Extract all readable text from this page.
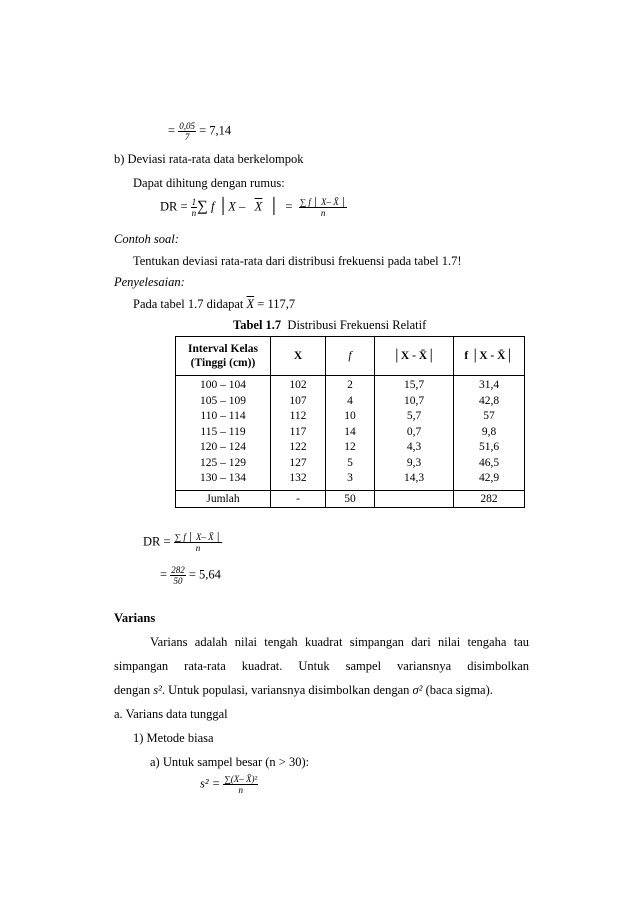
= $\frac{0,05}{7} = 7,14$
b) Deviasi rata-rata data berkelompok
Dapat dihitung dengan rumus:
DR = $\frac{1}{n}$ ∑ f │X – $\overline{X}$ │ = $\frac{\sum f │ X- X̄ │}{n}$
Contoh soal:
Tentukan deviasi rata-rata dari distribusi frekuensi pada tabel 1.7!
Penyelesaian:
Pada tabel 1.7 didapat $\overline{X} = 117,7$
Tabel 1.7 Distribusi Frekuensi Relatif
Interval Kelas (Tinggi (cm))	X	f	│X - X̄│	f │X - X̄│
100 – 104	102	2	15,7	31,4
105 – 109	107	4	10,7	42,8
110 – 114	112	10	5,7	57
115 – 119	117	14	0,7	9,8
120 – 124	122	12	4,3	51,6
125 – 129	127	5	9,3	46,5
130 – 134	132	3	14,3	42,9
Jumlah	-	50		282
DR = $\frac{\sum f │ X- X̄ │}{n}$
= $\frac{282}{50} = 5,64$
Varians
Varians adalah nilai tengah kuadrat simpangan dari nilai tengaha tau
simpangan rata-rata kuadrat. Untuk sampel variansnya disimbolkan
dengan s². Untuk populasi, variansnya disimbolkan dengan σ² (baca sigma).
a. Varians data tunggal
1) Metode biasa
a) Untuk sampel besar (n > 30):
$s^2 = \frac{\text{∑(X– X̄)²}}{n}$
